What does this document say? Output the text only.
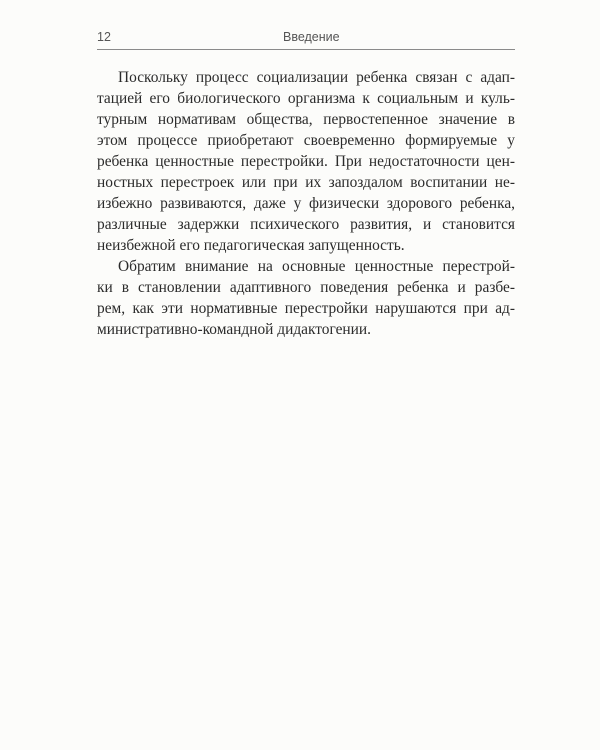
12	Введение

Поскольку процесс социализации ребенка связан с адап-
тацией его биологического организма к социальным и куль-
турным нормативам общества, первостепенное значение в
этом процессе приобретают своевременно формируемые у
ребенка ценностные перестройки. При недостаточности цен-
ностных перестроек или при их запоздалом воспитании не-
избежно развиваются, даже у физически здорового ребенка,
различные задержки психического развития, и становится
неизбежной его педагогическая запущенность.

Обратим внимание на основные ценностные перестрой-
ки в становлении адаптивного поведения ребенка и разбе-
рем, как эти нормативные перестройки нарушаются при ад-
министративно-командной дидактогении.
